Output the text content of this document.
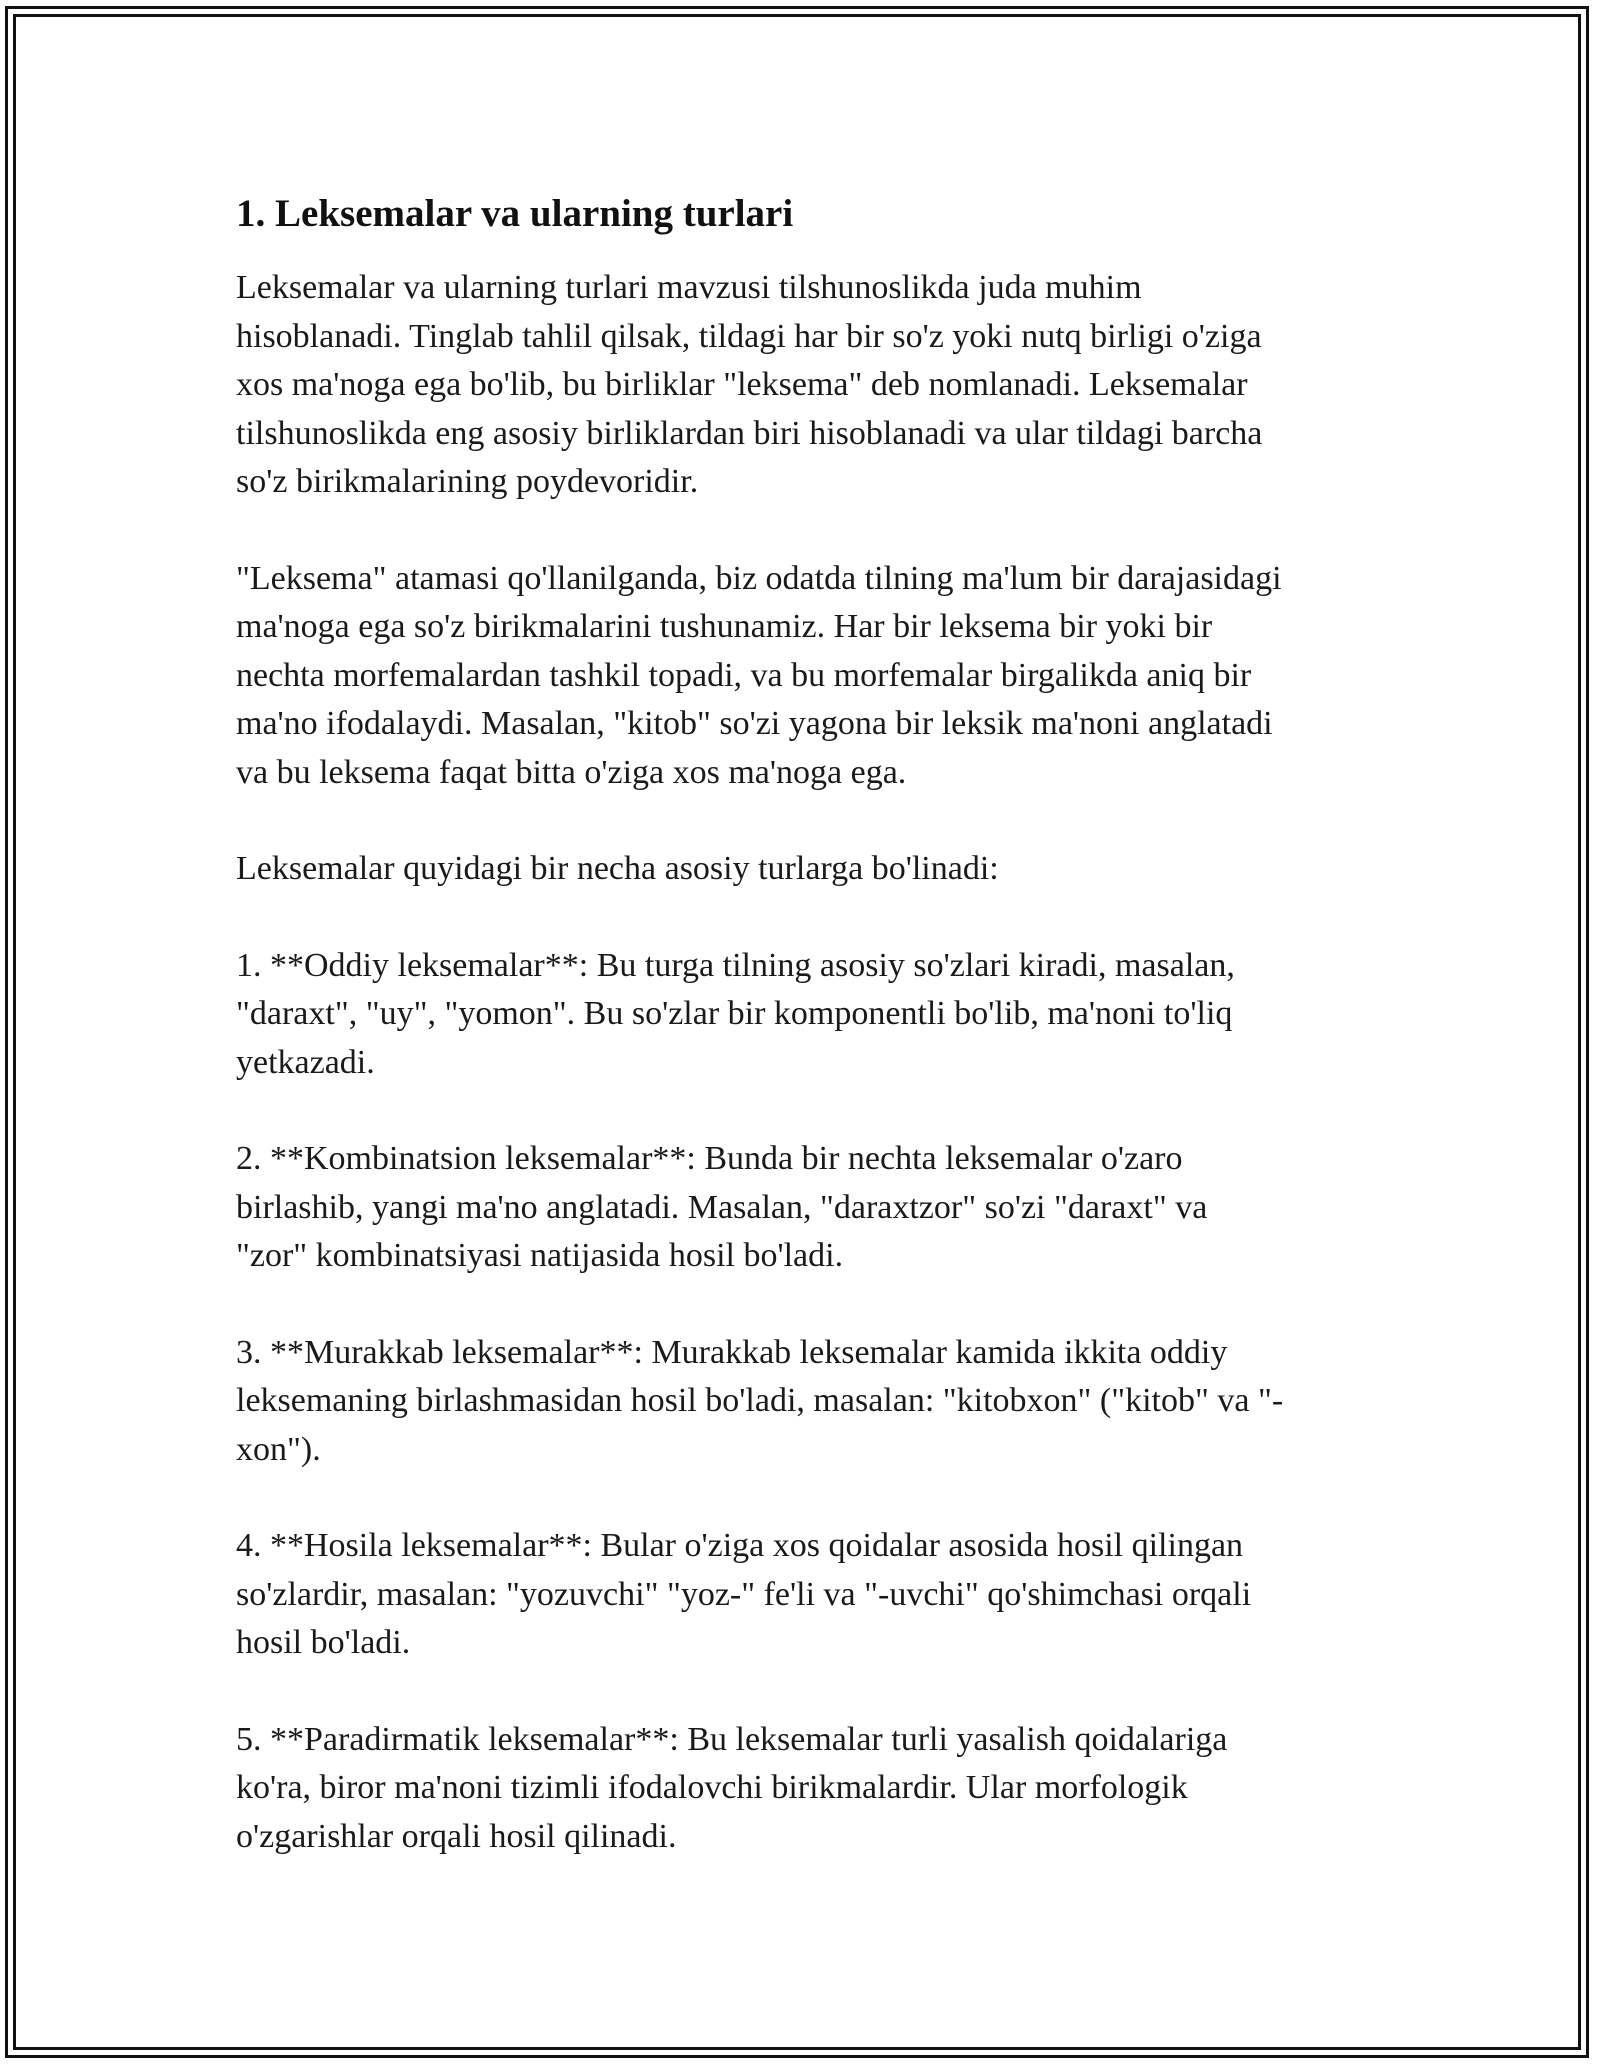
1. Leksemalar va ularning turlari

Leksemalar va ularning turlari mavzusi tilshunoslikda juda muhim
hisoblanadi. Tinglab tahlil qilsak, tildagi har bir so'z yoki nutq birligi o'ziga
xos ma'noga ega bo'lib, bu birliklar "leksema" deb nomlanadi. Leksemalar
tilshunoslikda eng asosiy birliklardan biri hisoblanadi va ular tildagi barcha
so'z birikmalarining poydevoridir.

"Leksema" atamasi qo'llanilganda, biz odatda tilning ma'lum bir darajasidagi
ma'noga ega so'z birikmalarini tushunamiz. Har bir leksema bir yoki bir
nechta morfemalardan tashkil topadi, va bu morfemalar birgalikda aniq bir
ma'no ifodalaydi. Masalan, "kitob" so'zi yagona bir leksik ma'noni anglatadi
va bu leksema faqat bitta o'ziga xos ma'noga ega.

Leksemalar quyidagi bir necha asosiy turlarga bo'linadi:

1. **Oddiy leksemalar**: Bu turga tilning asosiy so'zlari kiradi, masalan,
"daraxt", "uy", "yomon". Bu so'zlar bir komponentli bo'lib, ma'noni to'liq
yetkazadi.

2. **Kombinatsion leksemalar**: Bunda bir nechta leksemalar o'zaro
birlashib, yangi ma'no anglatadi. Masalan, "daraxtzor" so'zi "daraxt" va
"zor" kombinatsiyasi natijasida hosil bo'ladi.

3. **Murakkab leksemalar**: Murakkab leksemalar kamida ikkita oddiy
leksemaning birlashmasidan hosil bo'ladi, masalan: "kitobxon" ("kitob" va "-
xon").

4. **Hosila leksemalar**: Bular o'ziga xos qoidalar asosida hosil qilingan
so'zlardir, masalan: "yozuvchi" "yoz-" fe'li va "-uvchi" qo'shimchasi orqali
hosil bo'ladi.

5. **Paradirmatik leksemalar**: Bu leksemalar turli yasalish qoidalariga
ko'ra, biror ma'noni tizimli ifodalovchi birikmalardir. Ular morfologik
o'zgarishlar orqali hosil qilinadi.
